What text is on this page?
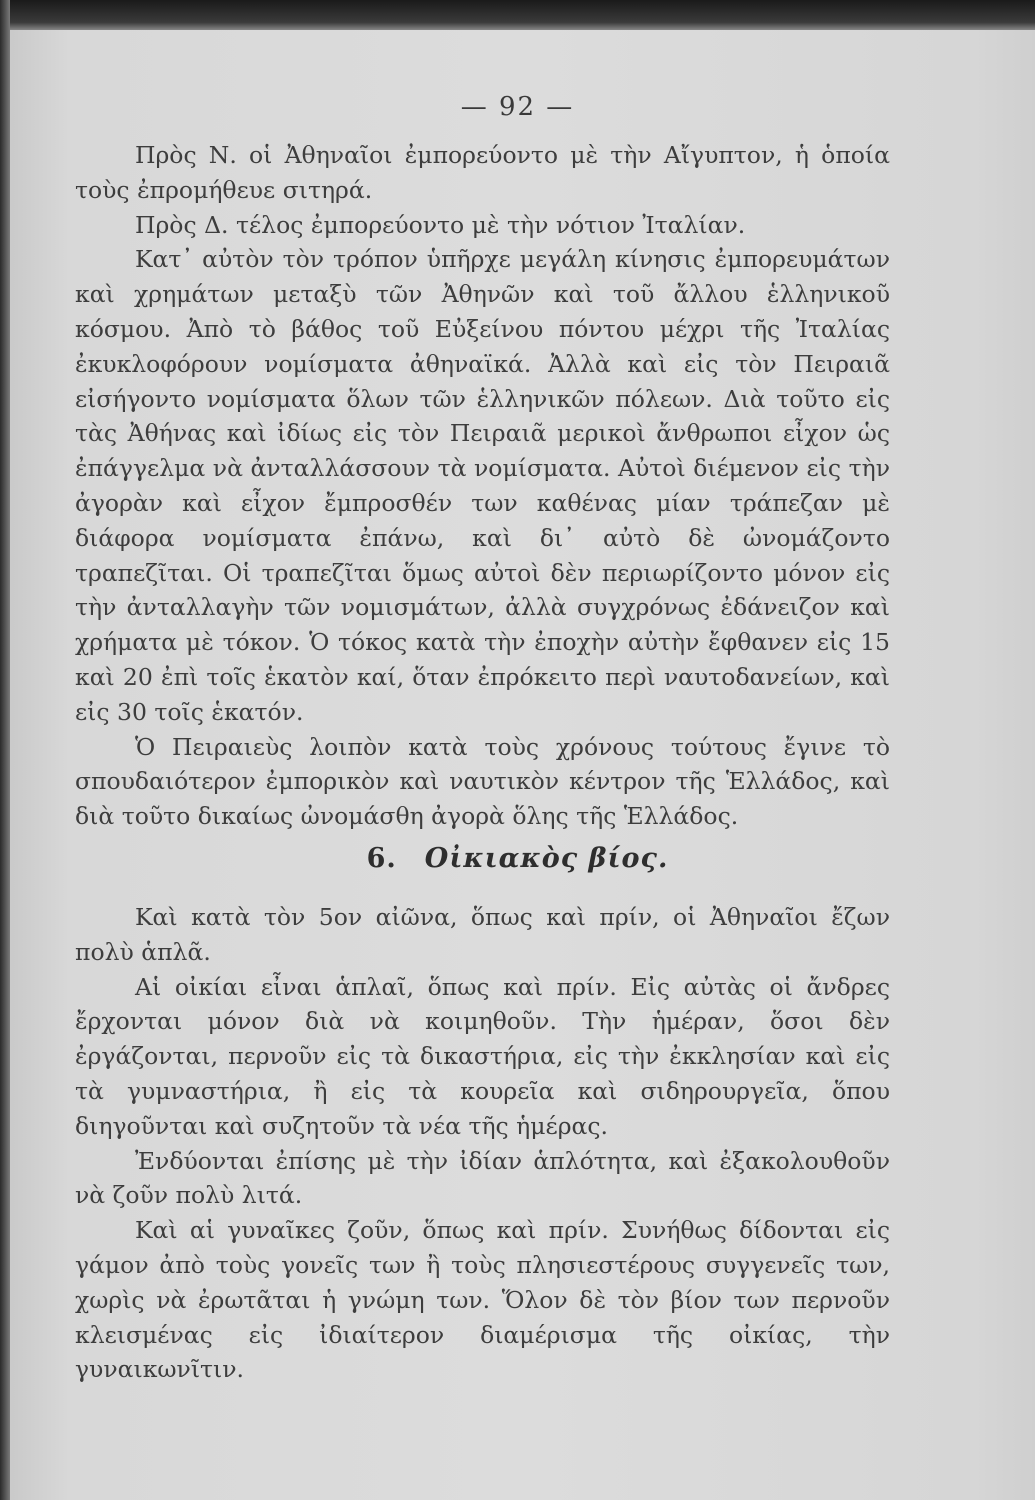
— 92 —

Πρὸς Ν. οἱ Ἀθηναῖοι ἐμπορεύοντο μὲ τὴν Αἴγυπτον, ἡ ὁποία τοὺς ἐπρομήθευε σιτηρά.

Πρὸς Δ. τέλος ἐμπορεύοντο μὲ τὴν νότιον Ἰταλίαν.

Κατ᾿ αὐτὸν τὸν τρόπον ὑπῆρχε μεγάλη κίνησις ἐμπορευμάτων καὶ χρημάτων μεταξὺ τῶν Ἀθηνῶν καὶ τοῦ ἄλλου ἑλληνικοῦ κόσμου. Ἀπὸ τὸ βάθος τοῦ Εὐξείνου πόντου μέχρι τῆς Ἰταλίας ἐκυκλοφόρουν νομίσματα ἀθηναϊκά. Ἀλλὰ καὶ εἰς τὸν Πειραιᾶ εἰσήγοντο νομίσματα ὅλων τῶν ἑλληνικῶν πόλεων. Διὰ τοῦτο εἰς τὰς Ἀθήνας καὶ ἰδίως εἰς τὸν Πειραιᾶ μερικοὶ ἄνθρωποι εἶχον ὡς ἐπάγγελμα νὰ ἀνταλλάσσουν τὰ νομίσματα. Αὐτοὶ διέμενον εἰς τὴν ἀγορὰν καὶ εἶχον ἔμπροσθέν των καθένας μίαν τράπεζαν μὲ διάφορα νομίσματα ἐπάνω, καὶ δι᾿ αὐτὸ δὲ ὠνομάζοντο τραπεζῖται. Οἱ τραπεζῖται ὅμως αὐτοὶ δὲν περιωρίζοντο μόνον εἰς τὴν ἀνταλλαγὴν τῶν νομισμάτων, ἀλλὰ συγχρόνως ἐδάνειζον καὶ χρήματα μὲ τόκον. Ὁ τόκος κατὰ τὴν ἐποχὴν αὐτὴν ἔφθανεν εἰς 15 καὶ 20 ἐπὶ τοῖς ἑκατὸν καί, ὅταν ἐπρόκειτο περὶ ναυτοδανείων, καὶ εἰς 30 τοῖς ἑκατόν.

Ὁ Πειραιεὺς λοιπὸν κατὰ τοὺς χρόνους τούτους ἔγινε τὸ σπουδαιότερον ἐμπορικὸν καὶ ναυτικὸν κέντρον τῆς Ἑλλάδος, καὶ διὰ τοῦτο δικαίως ὠνομάσθη ἀγορὰ ὅλης τῆς Ἑλλάδος.

6. Οἰκιακὸς βίος.

Καὶ κατὰ τὸν 5ον αἰῶνα, ὅπως καὶ πρίν, οἱ Ἀθηναῖοι ἔζων πολὺ ἁπλᾶ.

Αἱ οἰκίαι εἶναι ἁπλαῖ, ὅπως καὶ πρίν. Εἰς αὐτὰς οἱ ἄνδρες ἔρχονται μόνον διὰ νὰ κοιμηθοῦν. Τὴν ἡμέραν, ὅσοι δὲν ἐργάζονται, περνοῦν εἰς τὰ δικαστήρια, εἰς τὴν ἐκκλησίαν καὶ εἰς τὰ γυμναστήρια, ἢ εἰς τὰ κουρεῖα καὶ σιδηρουργεῖα, ὅπου διηγοῦνται καὶ συζητοῦν τὰ νέα τῆς ἡμέρας.

Ἐνδύονται ἐπίσης μὲ τὴν ἰδίαν ἁπλότητα, καὶ ἐξακολουθοῦν νὰ ζοῦν πολὺ λιτά.

Καὶ αἱ γυναῖκες ζοῦν, ὅπως καὶ πρίν. Συνήθως δίδονται εἰς γάμον ἀπὸ τοὺς γονεῖς των ἢ τοὺς πλησιεστέρους συγγενεῖς των, χωρὶς νὰ ἐρωτᾶται ἡ γνώμη των. Ὅλον δὲ τὸν βίον των περνοῦν κλεισμένας εἰς ἰδιαίτερον διαμέρισμα τῆς οἰκίας, τὴν γυναικωνῖτιν.
